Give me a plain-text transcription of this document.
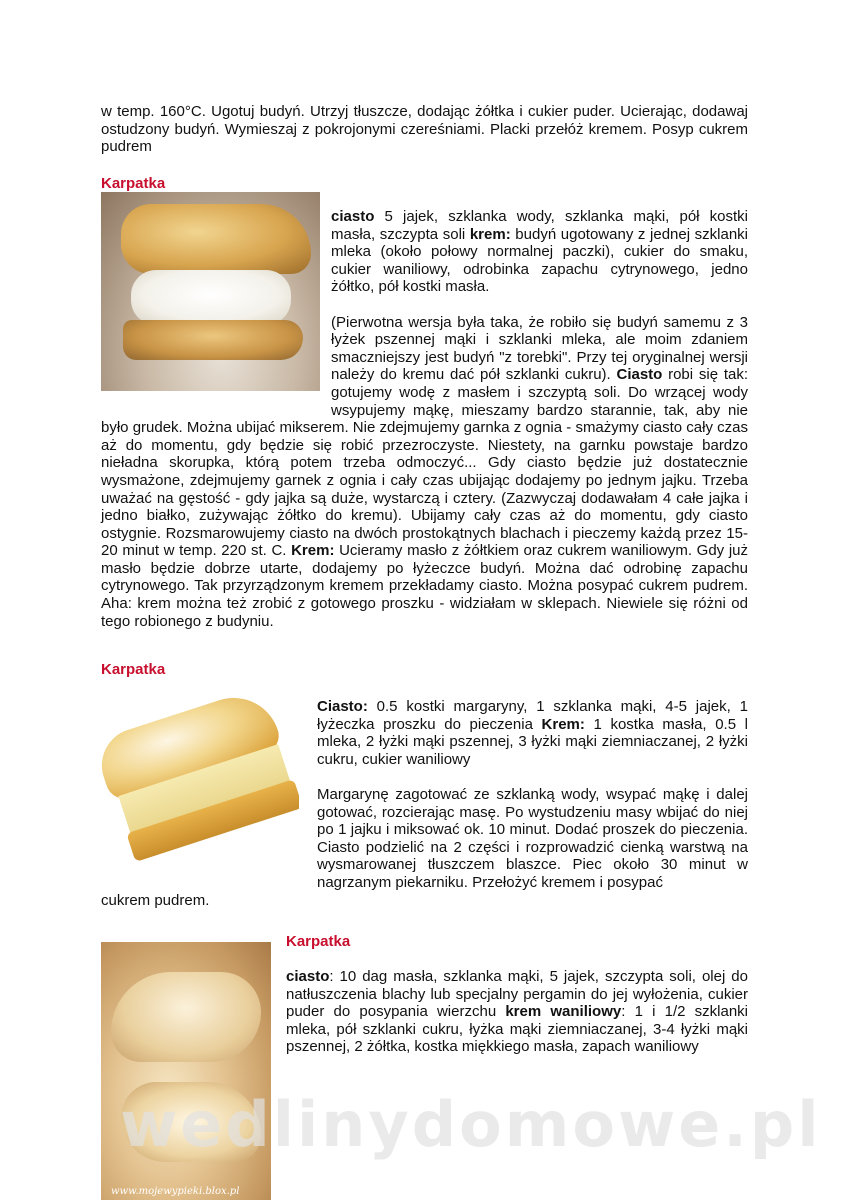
w temp. 160°C. Ugotuj budyń. Utrzyj tłuszcze, dodając żółtka i cukier puder. Ucierając, dodawaj ostudzony budyń. Wymieszaj z pokrojonymi czereśniami. Placki przełóż kremem. Posyp cukrem pudrem

Karpatka

ciasto 5 jajek, szklanka wody, szklanka mąki, pół kostki masła, szczypta soli krem: budyń ugotowany z jednej szklanki mleka (około połowy normalnej paczki), cukier do smaku, cukier waniliowy, odrobinka zapachu cytrynowego, jedno żółtko, pół kostki masła.

(Pierwotna wersja była taka, że robiło się budyń samemu z 3 łyżek pszennej mąki i szklanki mleka, ale moim zdaniem smaczniejszy jest budyń "z torebki". Przy tej oryginalnej wersji należy do kremu dać pół szklanki cukru). Ciasto robi się tak: gotujemy wodę z masłem i szczyptą soli. Do wrzącej wody wsypujemy mąkę, mieszamy bardzo starannie, tak, aby nie było grudek. Można ubijać mikserem. Nie zdejmujemy garnka z ognia - smażymy ciasto cały czas aż do momentu, gdy będzie się robić przezroczyste. Niestety, na garnku powstaje bardzo nieładna skorupka, którą potem trzeba odmoczyć... Gdy ciasto będzie już dostatecznie wysmażone, zdejmujemy garnek z ognia i cały czas ubijając dodajemy po jednym jajku. Trzeba uważać na gęstość - gdy jajka są duże, wystarczą i cztery. (Zazwyczaj dodawałam 4 całe jajka i jedno białko, zużywając żółtko do kremu). Ubijamy cały czas aż do momentu, gdy ciasto ostygnie. Rozsmarowujemy ciasto na dwóch prostokątnych blachach i pieczemy każdą przez 15-20 minut w temp. 220 st. C. Krem: Ucieramy masło z żółtkiem oraz cukrem waniliowym. Gdy już masło będzie dobrze utarte, dodajemy po łyżeczce budyń. Można dać odrobinę zapachu cytrynowego. Tak przyrządzonym kremem przekładamy ciasto. Można posypać cukrem pudrem. Aha: krem można też zrobić z gotowego proszku - widziałam w sklepach. Niewiele się różni od tego robionego z budyniu.

Karpatka

Ciasto: 0.5 kostki margaryny, 1 szklanka mąki, 4-5 jajek, 1 łyżeczka proszku do pieczenia Krem: 1 kostka masła, 0.5 l mleka, 2 łyżki mąki pszennej, 3 łyżki mąki ziemniaczanej, 2 łyżki cukru, cukier waniliowy

Margarynę zagotować ze szklanką wody, wsypać mąkę i dalej gotować, rozcierając masę. Po wystudzeniu masy wbijać do niej po 1 jajku i miksować ok. 10 minut. Dodać proszek do pieczenia. Ciasto podzielić na 2 części i rozprowadzić cienką warstwą na wysmarowanej tłuszczem blaszce. Piec około 30 minut w nagrzanym piekarniku. Przełożyć kremem i posypać

cukrem pudrem.

www.mojewypieki.blox.pl
Karpatka

ciasto: 10 dag masła, szklanka mąki, 5 jajek, szczypta soli, olej do natłuszczenia blachy lub specjalny pergamin do jej wyłożenia, cukier puder do posypania wierzchu krem waniliowy: 1 i 1/2 szklanki mleka, pół szklanki cukru, łyżka mąki ziemniaczanej, 3-4 łyżki mąki pszennej, 2 żółtka, kostka miękkiego masła, zapach waniliowy

wedlinydomowe.pl
